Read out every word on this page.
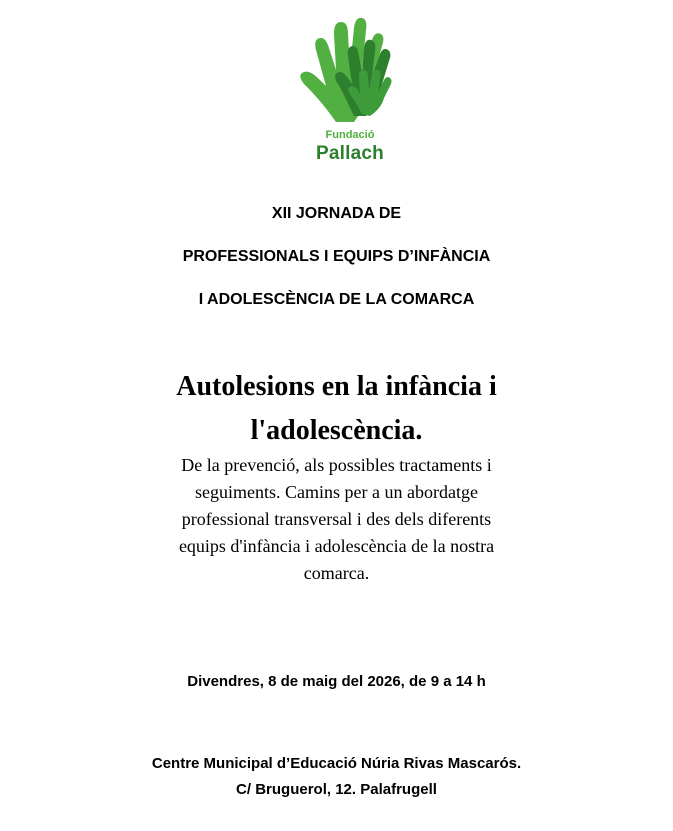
Fundació
Pallach
XII JORNADA DE
PROFESSIONALS I EQUIPS D’INFÀNCIA
I ADOLESCÈNCIA DE LA COMARCA
Autolesions en la infància i
l'adolescència.
De la prevenció, als possibles tractaments i
seguiments. Camins per a un abordatge
professional transversal i des dels diferents
equips d'infància i adolescència de la nostra
comarca.
Divendres, 8 de maig del 2026, de 9 a 14 h
Centre Municipal d’Educació Núria Rivas Mascarós.
C/ Bruguerol, 12. Palafrugell
